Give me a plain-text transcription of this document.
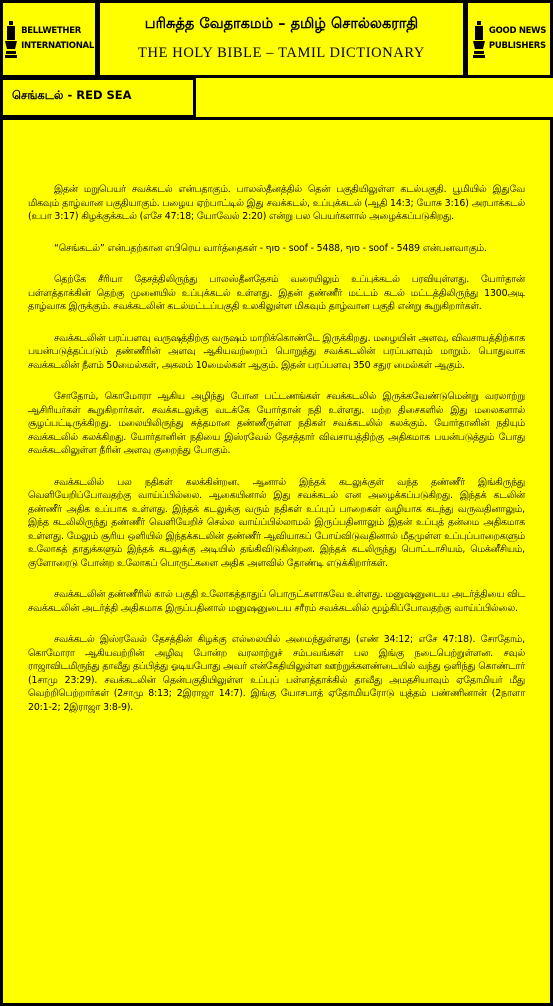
BELLWETHER
INTERNATIONAL
பரிசுத்த வேதாகமம் – தமிழ் சொல்லகராதி
THE HOLY BIBLE – TAMIL DICTIONARY
GOOD NEWS
PUBLISHERS
செங்கடல் - RED SEA

இதன் மறுபெயர் சவக்கடல் என்பதாகும். பாலஸ்தீனத்தில் தென் பகுதியிலுள்ள கடல்பகுதி. பூமியில் இதுவே மிகவும் தாழ்வான பகுதியாகும். பழைய ஏற்பாட்டில் இது சவக்கடல், உப்புக்கடல் (ஆதி 14:3; யோசு 3:16) அரபாக்கடல் (உபா 3:17) கிழக்குக்கடல் (எசே 47:18; யோவேல் 2:20) என்று பல பெயர்களால் அழைக்கப்படுகிறது.

“செங்கடல்” என்பதற்கான எபிரெய வார்த்தைகள் - סוף - soof - 5488, סוף - soof - 5489 என்பனவாகும்.

தெற்கே சீரியா தேசத்திலிருந்து பாலஸ்தீனதேசம் வரையிலும் உப்புக்கடல் பரவியுள்ளது. யோர்தான் பள்ளத்தாக்கின் தெற்கு முனையில் உப்புக்கடல் உள்ளது. இதன் தண்ணீர் மட்டம் கடல் மட்டத்திலிருந்து 1300அடி தாழ்வாக இருக்கும். சவக்கடலின் கடல்மட்டப்பகுதி உலகிலுள்ள மிகவும் தாழ்வான பகுதி என்று கூறுகிறார்கள்.

சவக்கடலின் பரப்பளவு வருஷத்திற்கு வருஷம் மாறிக்கொண்டே இருக்கிறது. மழையின் அளவு, விவசாயத்திற்காக பயன்படுத்தப்படும் தண்ணீரின் அளவு ஆகியவற்றைப் பொறுத்து சவக்கடலின் பரப்பளவும் மாறும். பொதுவாக சவக்கடலின் நீளம் 50மைல்கள், அகலம் 10மைல்கள் ஆகும். இதன் பரப்பளவு 350 சதுர மைல்கள் ஆகும்.

சோதோம், கொமோரா ஆகிய அழிந்து போன பட்டணங்கள் சவக்கடலில் இருக்கவேண்டுமென்று வரலாற்று ஆசிரியர்கள் கூறுகிறார்கள். சவக்கடலுக்கு வடக்கே யோர்தான் நதி உள்ளது. மற்ற திசைகளில் இது மலைகளால் சூழப்பட்டிருக்கிறது. மலையிலிருந்து சுத்தமான தண்ணீருள்ள நதிகள் சவக்கடலில் கலக்கும். யோர்தானின் நதியும் சவக்கடலில் கலக்கிறது. யோர்தானின் நதியை இஸ்ரவேல் தேசத்தார் விவசாயத்திற்கு அதிகமாக பயன்படுத்தும் போது சவக்கடலிலுள்ள நீரின் அளவு குறைந்து போகும்.

சவக்கடலில் பல நதிகள் கலக்கின்றன. ஆனால் இந்தக் கடலுக்குள் வந்த தண்ணீர் இங்கிருந்து வெளியேறிப்போவதற்கு வாய்ப்பில்லை. ஆகையினால் இது சவக்கடல் என அழைக்கப்படுகிறது. இந்தக் கடலின் தண்ணீர் அதிக உப்பாக உள்ளது. இந்தக் கடலுக்கு வரும் நதிகள் உப்புப் பாறைகள் வழியாக கடந்து வருவதினாலும், இந்த கடலிலிருந்து தண்ணீர் வெளியேறிச் செல்ல வாய்ப்பில்லாமல் இருப்பதினாலும் இதன் உப்புத் தன்மை அதிகமாக உள்ளது. மேலும் சூரிய ஒளியில் இந்தக்கடலின் தண்ணீர் ஆவியாகப் போய்விடுவதினால் மீதமுள்ள உப்புப்பாறைகளும் உலோகத் தாதுக்களும் இந்தக் கடலுக்கு அடியில் தங்கிவிடுகின்றன. இந்தக் கடலிருந்து பொட்டாசியம், மெக்னீசியம், குளோரைடு போன்ற உலோகப் பொருட்களை அதிக அளவில் தோண்டி எடுக்கிறார்கள்.

சவக்கடலின் தண்ணீரில் கால் பகுதி உலோகத்தாதுப் பொருட்களாகவே உள்ளது. மனுஷனுடைய அடர்த்தியை விட சவக்கடலின் அடர்த்தி அதிகமாக இருப்பதினால் மனுஷனுடைய சரீரம் சவக்கடலில் மூழ்கிப்போவதற்கு வாய்ப்பில்லை.

சவக்கடல் இஸ்ரவேல் தேசத்தின் கிழக்கு எல்லையில் அமைந்துள்ளது (எண் 34:12; எசே 47:18). சோதோம், கொமோரா ஆகியவற்றின் அழிவு போன்ற வரலாற்றுச் சம்பவங்கள் பல இங்கு நடைபெற்றுள்ளன. சவுல் ராஜாவிடமிருந்து தாவீது தப்பித்து ஓடியபோது அவர் என்கேதியிலுள்ள ஊற்றுக்களண்டையில் வந்து ஒளிந்து கொண்டார் (1சாமு 23:29). சவக்கடலின் தென்பகுதியிலுள்ள உப்புப் பள்ளத்தாக்கில் தாவீது அமதசியாவும் ஏதோமியர் மீது வெற்றிபெற்றார்கள் (2சாமு 8:13; 2இராஜா 14:7). இங்கு யோசபாத் ஏதோமியரோடு யுத்தம் பண்ணினான் (2நாளா 20:1-2; 2இராஜா 3:8-9).
